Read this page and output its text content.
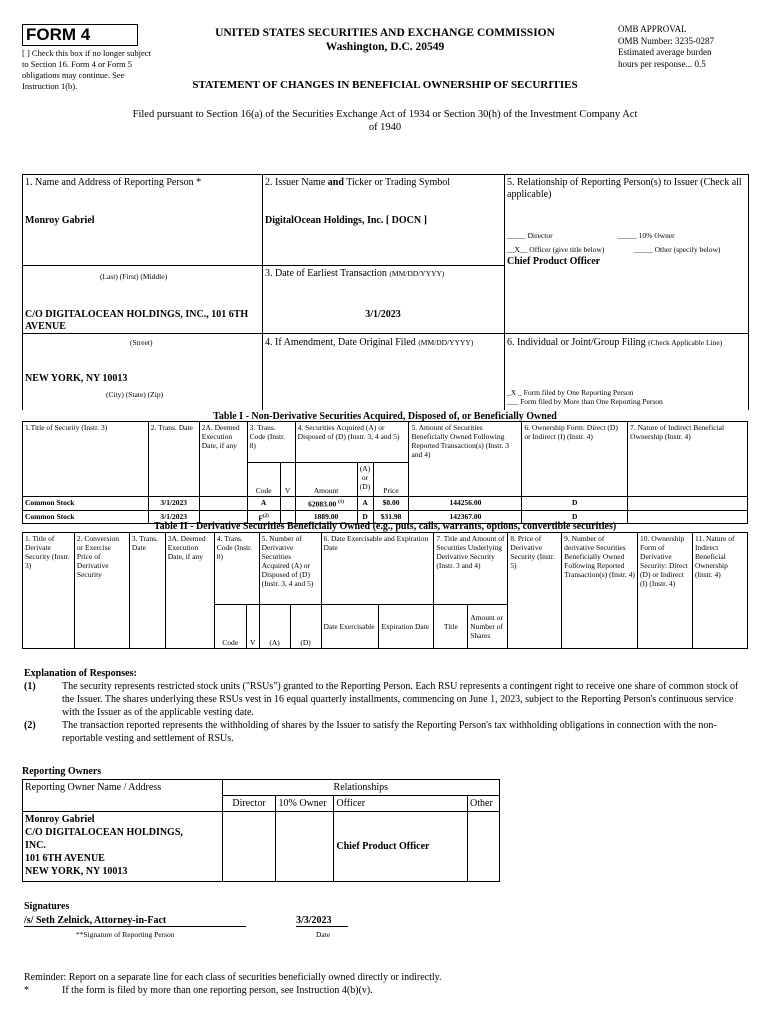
FORM 4
[ ] Check this box if no longer subject to Section 16. Form 4 or Form 5 obligations may continue. See Instruction 1(b).
UNITED STATES SECURITIES AND EXCHANGE COMMISSION
Washington, D.C. 20549
OMB APPROVAL
OMB Number: 3235-0287
Estimated average burden
hours per response... 0.5
STATEMENT OF CHANGES IN BENEFICIAL OWNERSHIP OF SECURITIES
Filed pursuant to Section 16(a) of the Securities Exchange Act of 1934 or Section 30(h) of the Investment Company Act of 1940
1. Name and Address of Reporting Person *
Monroy Gabriel
(Last) (First) (Middle)
C/O DIGITALOCEAN HOLDINGS, INC., 101 6TH AVENUE
(Street)
NEW YORK, NY 10013
(City) (State) (Zip)
2. Issuer Name and Ticker or Trading Symbol
DigitalOcean Holdings, Inc. [ DOCN ]
3. Date of Earliest Transaction (MM/DD/YYYY)
3/1/2023
4. If Amendment, Date Original Filed (MM/DD/YYYY)
5. Relationship of Reporting Person(s) to Issuer (Check all applicable)
_____ Director	_____ 10% Owner
__X__ Officer (give title below)	_____ Other (specify below)
Chief Product Officer
6. Individual or Joint/Group Filing (Check Applicable Line)
_X _ Form filed by One Reporting Person
___ Form filed by More than One Reporting Person
Table I - Non-Derivative Securities Acquired, Disposed of, or Beneficially Owned
1.Title of Security (Instr. 3)	2. Trans. Date	2A. Deemed Execution Date, if any	3. Trans. Code (Instr. 8)		4. Securities Acquired (A) or Disposed of (D) (Instr. 3, 4 and 5)			5. Amount of Securities Beneficially Owned Following Reported Transaction(s) (Instr. 3 and 4)	6. Ownership Form: Direct (D) or Indirect (I) (Instr. 4)	7. Nature of Indirect Beneficial Ownership (Instr. 4)
			Code	V	Amount	(A) or (D)	Price			
Common Stock	3/1/2023		A		62083.00 $^{(1)}$	A	$0.00	144256.00	D	
Common Stock	3/1/2023		$F^{(2)}$		1889.00	D	$31.98	142367.00	D	
Table II - Derivative Securities Beneficially Owned (e.g., puts, calls, warrants, options, convertible securities)
1. Title of Derivate Security (Instr. 3)	2. Conversion or Exercise Price of Derivative Security	3. Trans. Date	3A. Deemed Execution Date, if any	4. Trans. Code (Instr. 8)		5. Number of Derivative Securities Acquired (A) or Disposed of (D) (Instr. 3, 4 and 5)		6. Date Exercisable and Expiration Date		7. Title and Amount of Securities Underlying Derivative Security (Instr. 3 and 4)		8. Price of Derivative Security (Instr. 5)	9. Number of derivative Securities Beneficially Owned Following Reported Transaction(s) (Instr. 4)	10. Ownership Form of Derivative Security: Direct (D) or Indirect (I) (Instr. 4)	11. Nature of Indirect Beneficial Ownership (Instr. 4)
				Code	V	(A)	(D)	Date Exercisable	Expiration Date	Title	Amount or Number of Shares				
Explanation of Responses:
(1)	The security represents restricted stock units ("RSUs") granted to the Reporting Person. Each RSU represents a contingent right to receive one share of common stock of the Issuer. The shares underlying these RSUs vest in 16 equal quarterly installments, commencing on June 1, 2023, subject to the Reporting Person's continuous service with the Issuer as of the applicable vesting date.
(2)	The transaction reported represents the withholding of shares by the Issuer to satisfy the Reporting Person's tax withholding obligations in connection with the non-reportable vesting and settlement of RSUs.
Reporting Owners
Reporting Owner Name / Address	Relationships			
	Director	10% Owner	Officer	Other

Monroy Gabriel
C/O DIGITALOCEAN HOLDINGS,
INC.
101 6TH AVENUE
NEW YORK, NY 10013			Chief Product Officer	
Signatures
/s/ Seth Zelnick, Attorney-in-Fact
**Signature of Reporting Person
3/3/2023
Date
Reminder: Report on a separate line for each class of securities beneficially owned directly or indirectly.
*	If the form is filed by more than one reporting person, see Instruction 4(b)(v).
